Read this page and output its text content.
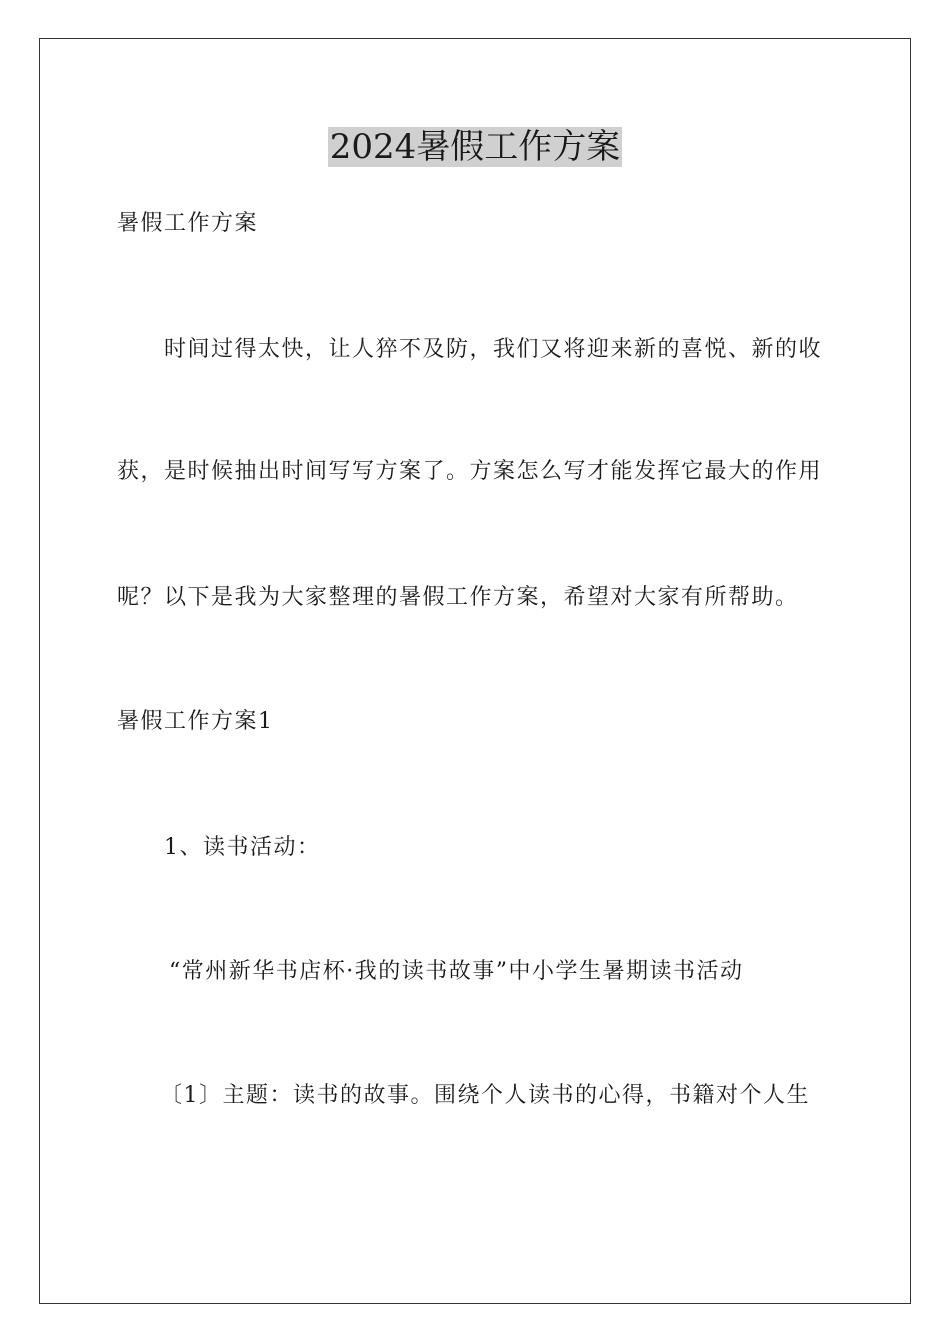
2024暑假工作方案

暑假工作方案

时间过得太快，让人猝不及防，我们又将迎来新的喜悦、新的收

获，是时候抽出时间写写方案了。方案怎么写才能发挥它最大的作用

呢？以下是我为大家整理的暑假工作方案，希望对大家有所帮助。

暑假工作方案1

1、读书活动：

“常州新华书店杯·我的读书故事”中小学生暑期读书活动

〔1〕主题：读书的故事。围绕个人读书的心得，书籍对个人生
